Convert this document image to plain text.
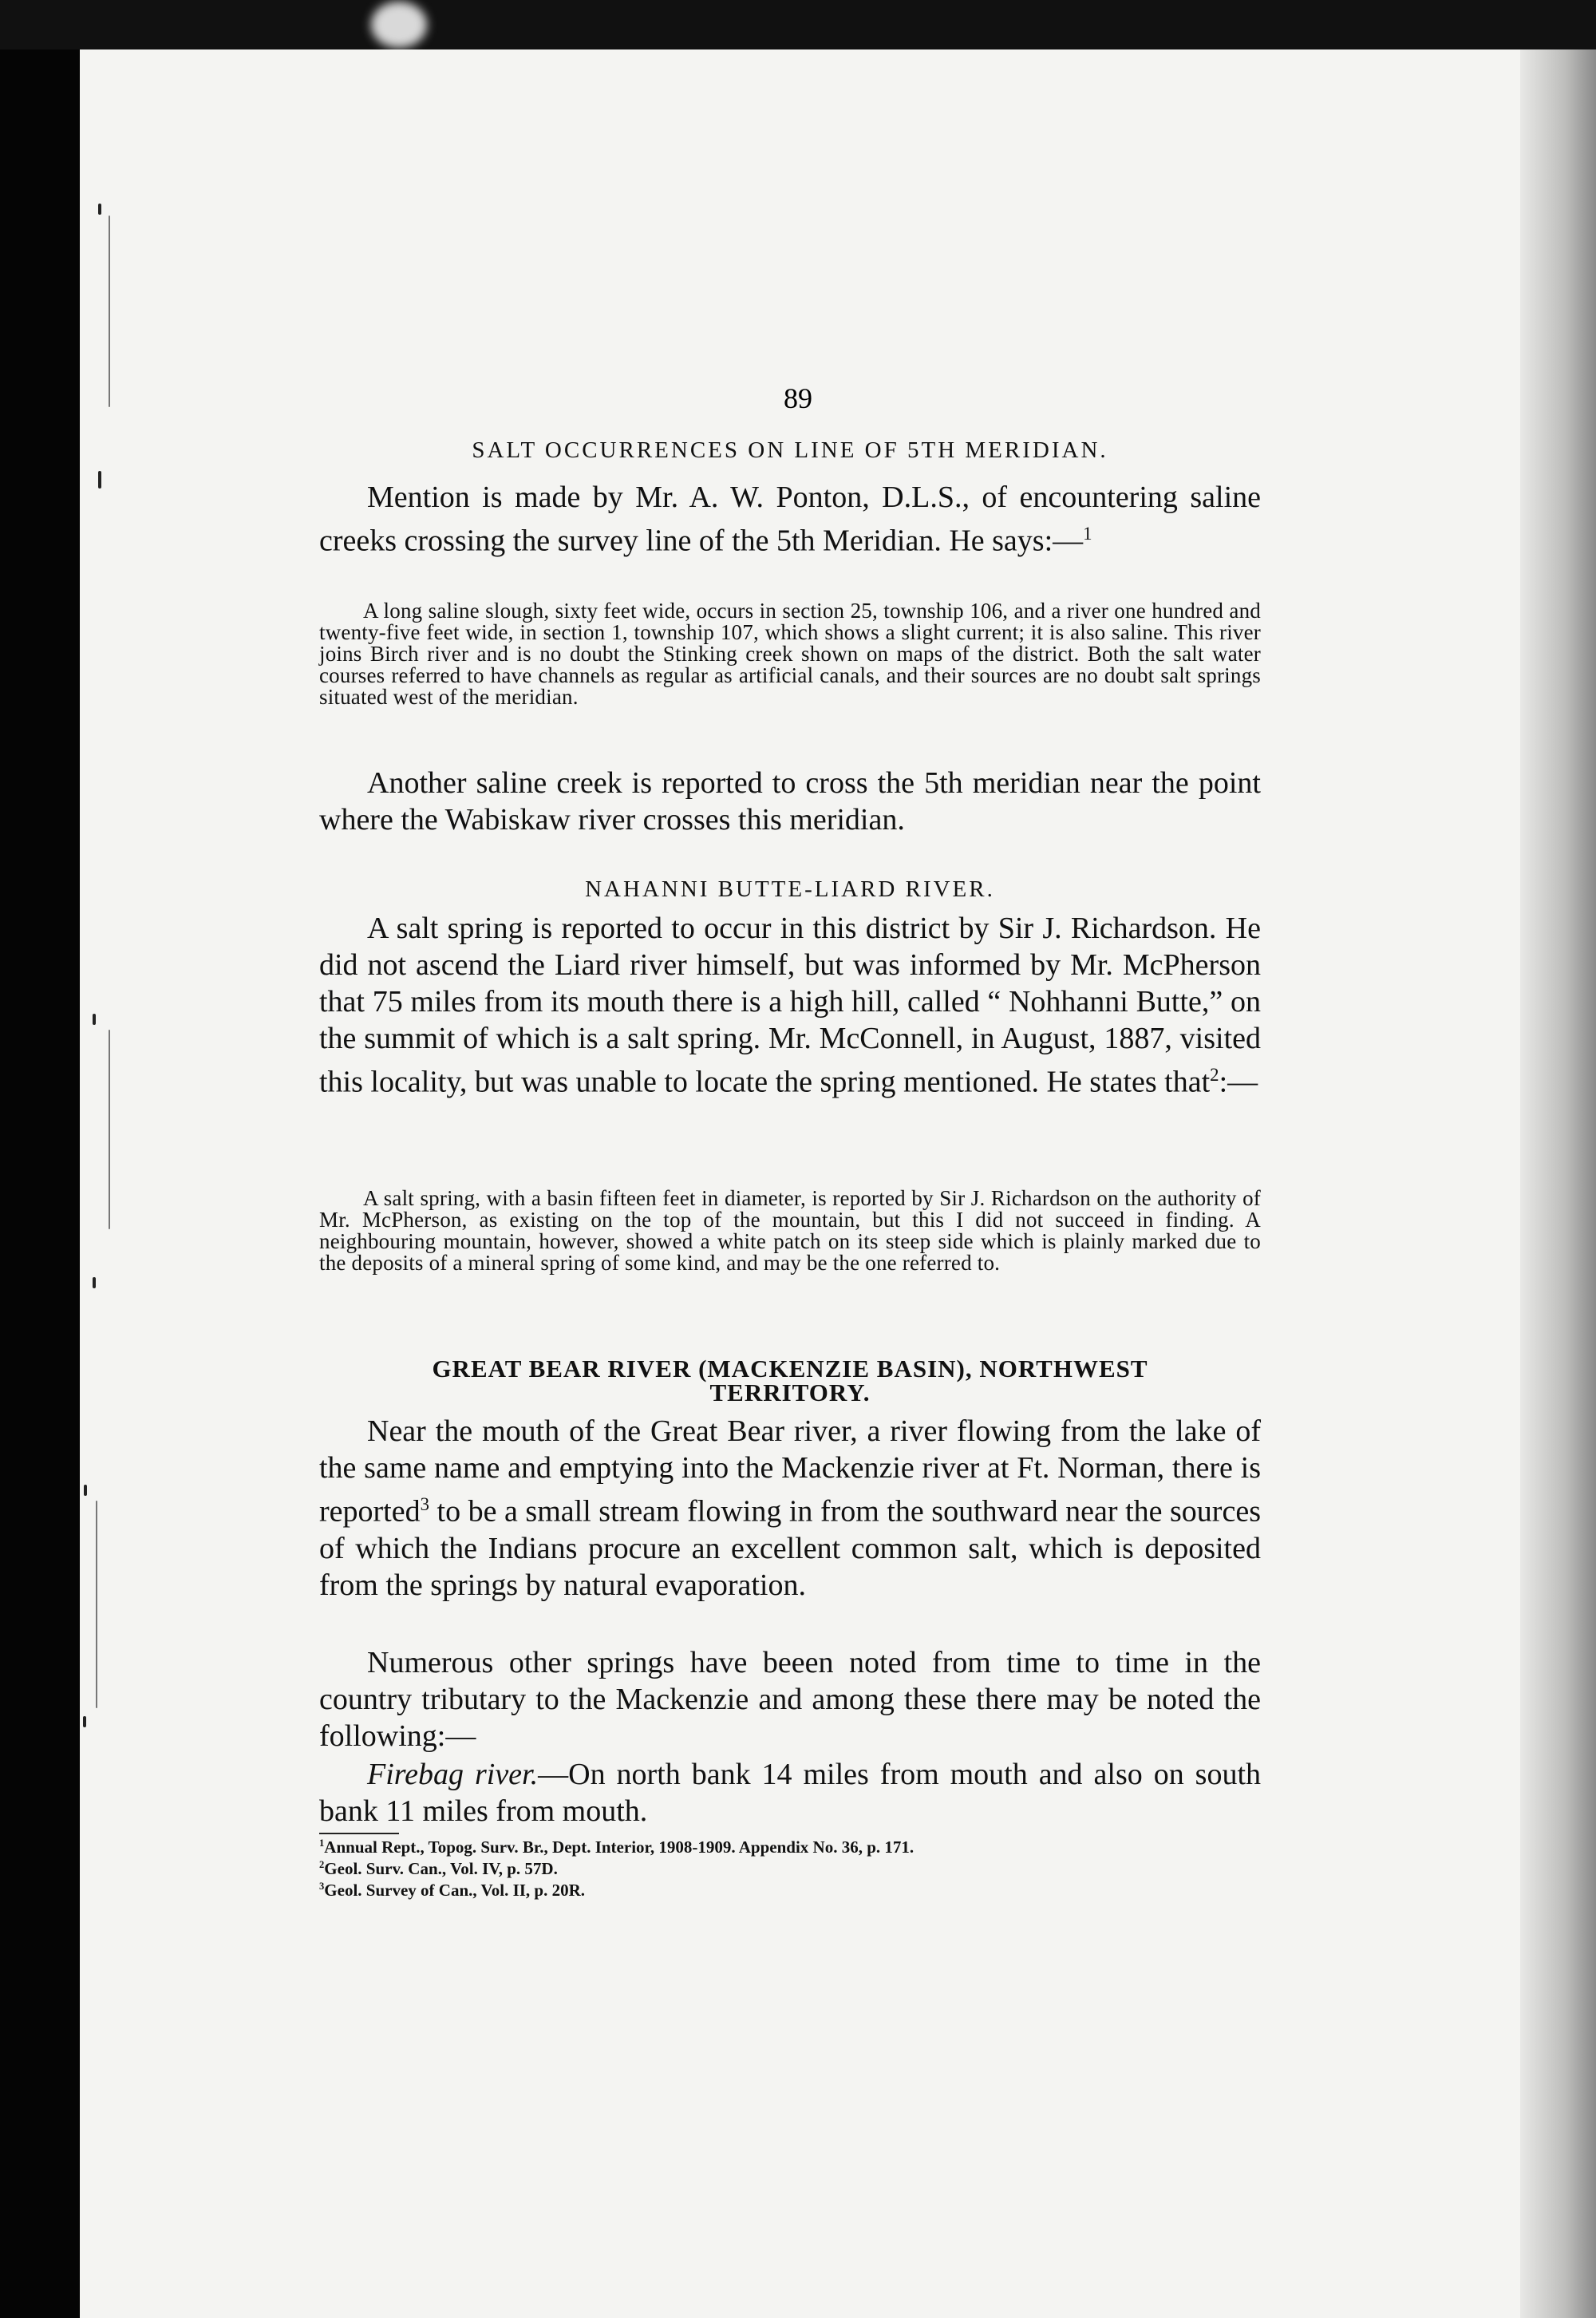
89

SALT OCCURRENCES ON LINE OF 5TH MERIDIAN.

Mention is made by Mr. A. W. Ponton, D.L.S., of encountering saline creeks crossing the survey line of the 5th Meridian. He says:—$^1$

A long saline slough, sixty feet wide, occurs in section 25, township 106, and a river one hundred and twenty-five feet wide, in section 1, township 107, which shows a slight current; it is also saline. This river joins Birch river and is no doubt the Stinking creek shown on maps of the district. Both the salt water courses referred to have channels as regular as artificial canals, and their sources are no doubt salt springs situated west of the meridian.

Another saline creek is reported to cross the 5th meridian near the point where the Wabiskaw river crosses this meridian.

NAHANNI BUTTE-LIARD RIVER.

A salt spring is reported to occur in this district by Sir J. Richardson. He did not ascend the Liard river himself, but was informed by Mr. McPherson that 75 miles from its mouth there is a high hill, called “ Nohhanni Butte,” on the summit of which is a salt spring. Mr. McConnell, in August, 1887, visited this locality, but was unable to locate the spring mentioned. He states that$^2$:—

A salt spring, with a basin fifteen feet in diameter, is reported by Sir J. Richardson on the authority of Mr. McPherson, as existing on the top of the mountain, but this I did not succeed in finding. A neighbouring mountain, however, showed a white patch on its steep side which is plainly marked due to the deposits of a mineral spring of some kind, and may be the one referred to.

GREAT BEAR RIVER (MACKENZIE BASIN), NORTHWEST

TERRITORY.

Near the mouth of the Great Bear river, a river flowing from the lake of the same name and emptying into the Mackenzie river at Ft. Norman, there is reported$^3$ to be a small stream flowing in from the southward near the sources of which the Indians procure an excellent common salt, which is deposited from the springs by natural evaporation.

Numerous other springs have beeen noted from time to time in the country tributary to the Mackenzie and among these there may be noted the following:—

Firebag river.—On north bank 14 miles from mouth and also on south bank 11 miles from mouth.

$^1$Annual Rept., Topog. Surv. Br., Dept. Interior, 1908-1909. Appendix No. 36, p. 171.

$^2$Geol. Surv. Can., Vol. IV, p. 57D.

$^3$Geol. Survey of Can., Vol. II, p. 20R.
